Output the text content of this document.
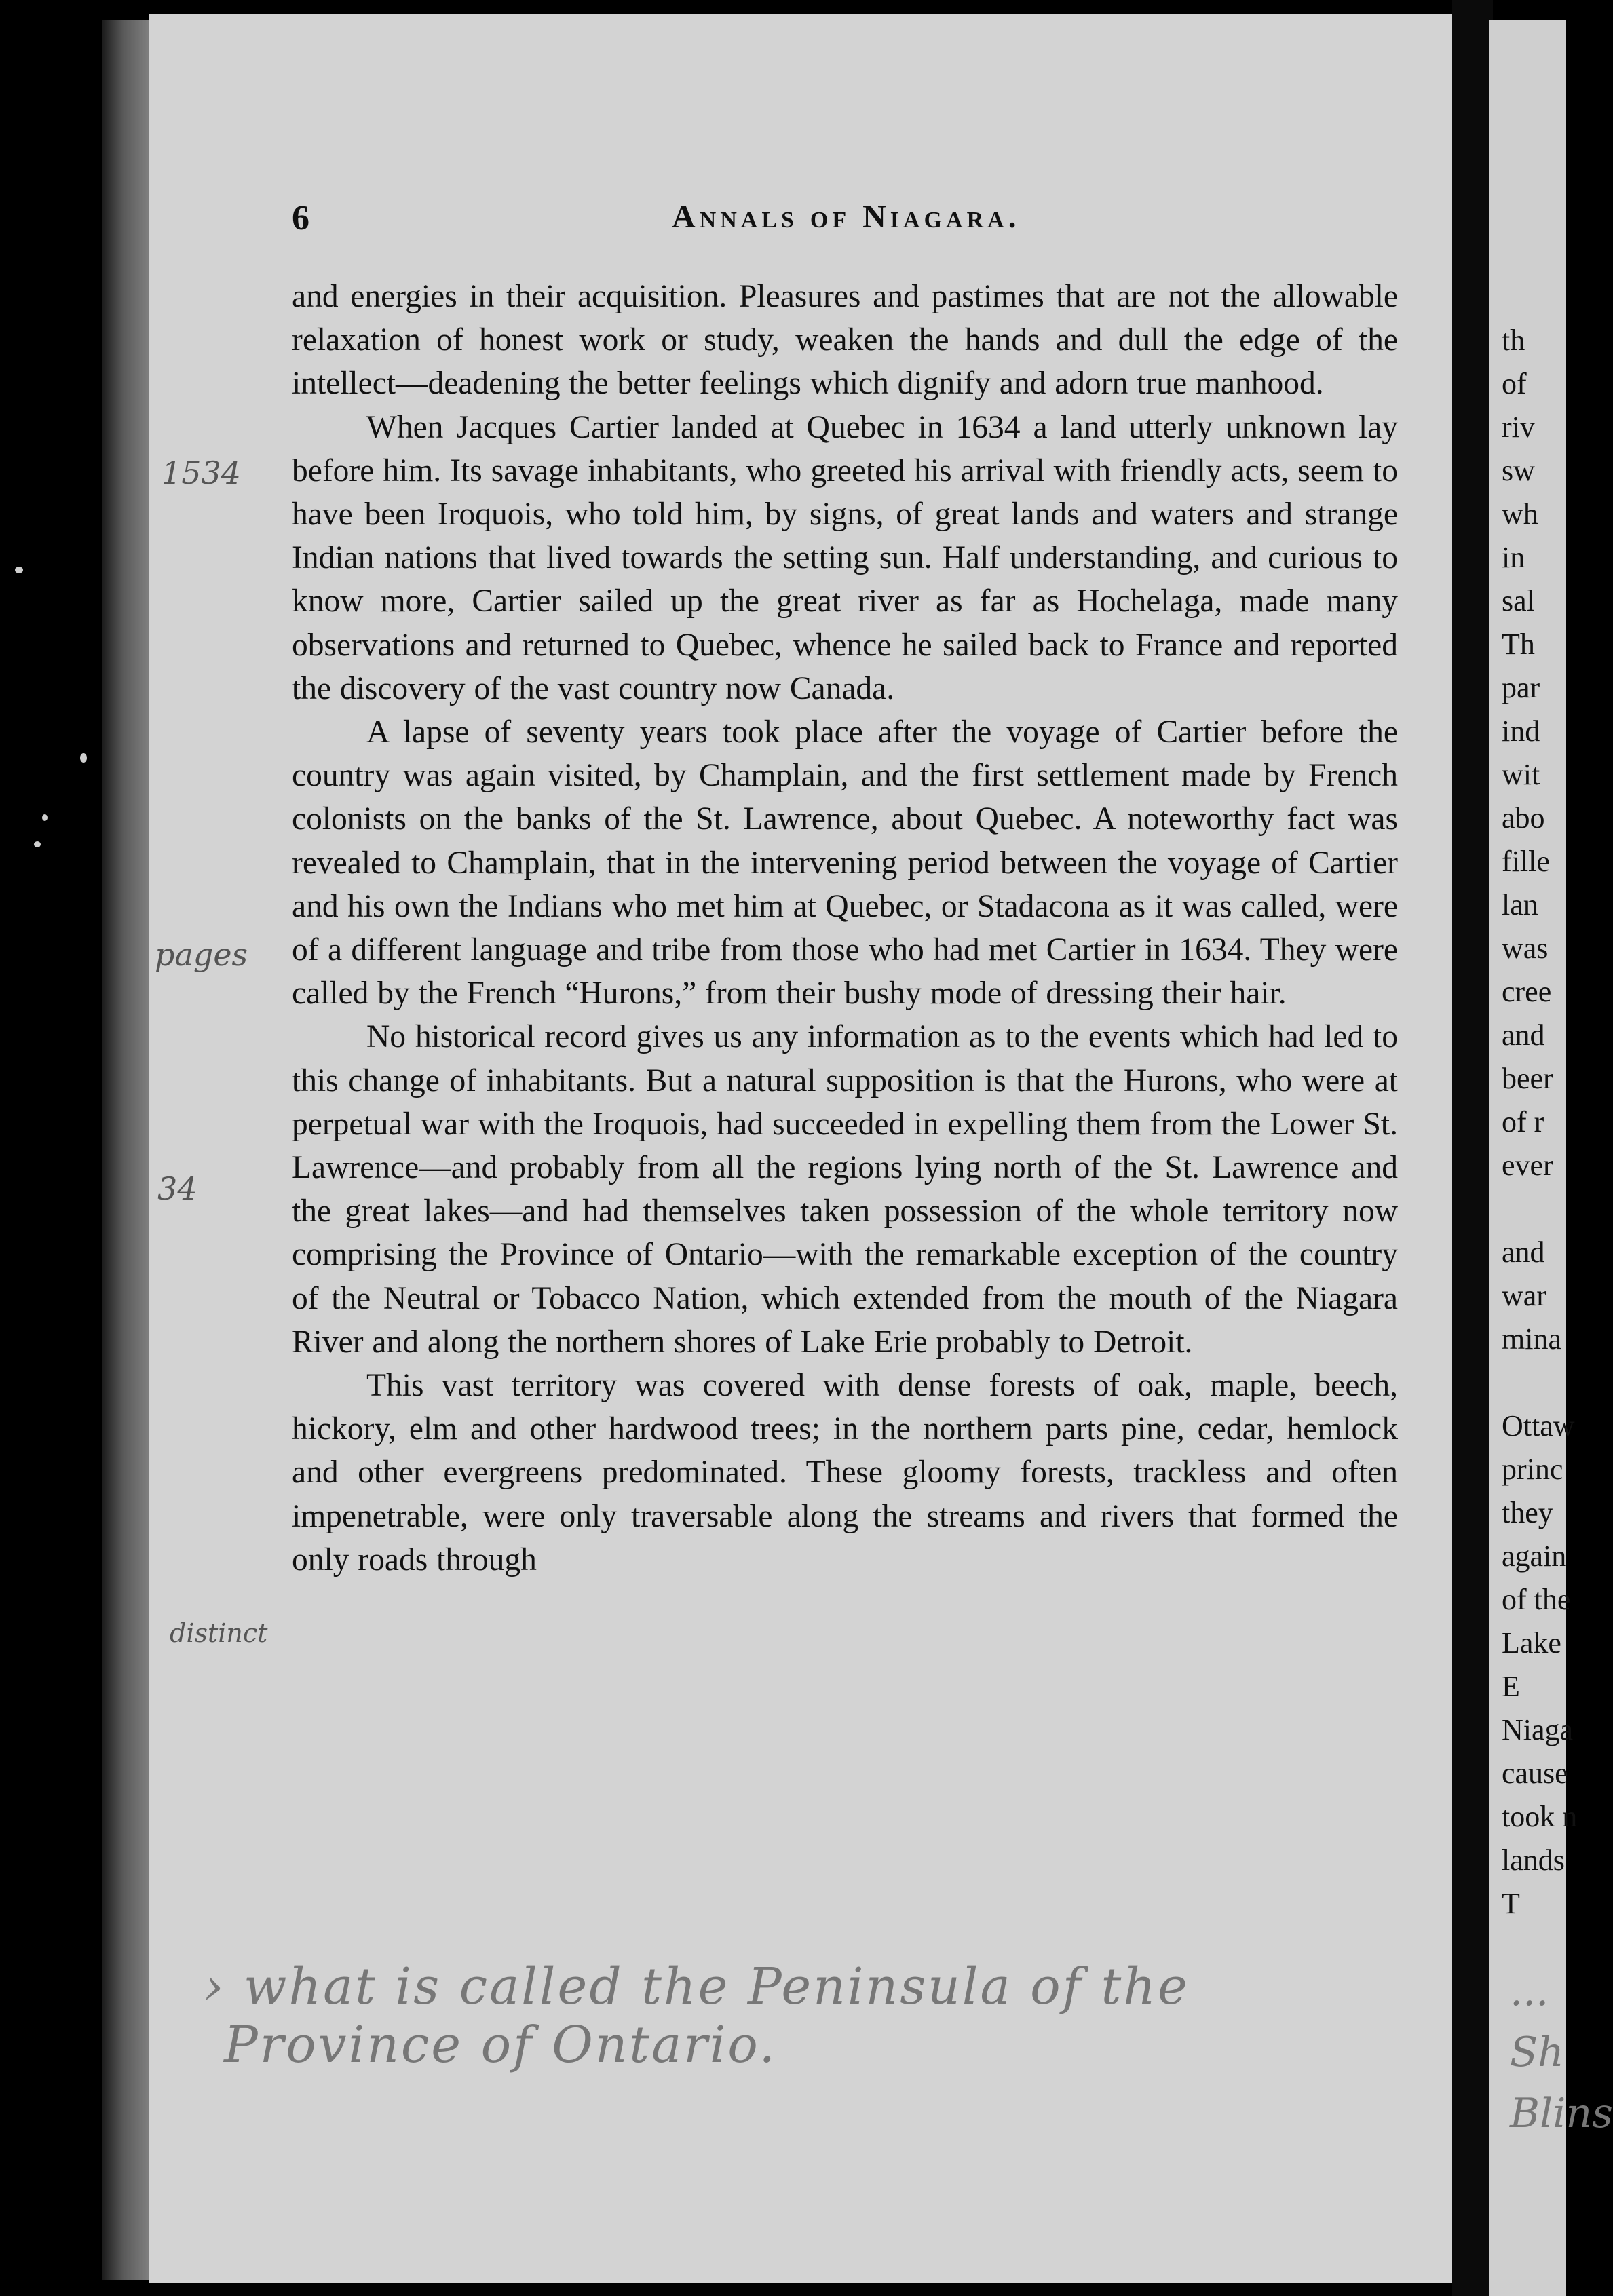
th
of
riv
sw
wh
in
sal
Th
par
ind
wit
abo
fille
lan
was
cree
and
beer
of r
ever

and
war
mina

Ottaw
princ
they
again
of the
Lake
E
Niaga
cause
took n
lands
T
...
Sh
Blins
6	Annals of Niagara.

and energies in their acquisition. Pleasures and pastimes that are not the allowable relaxation of honest work or study, weaken the hands and dull the edge of the intellect—deadening the better feelings which dignify and adorn true manhood.

When Jacques Cartier landed at Quebec in 1634 a land utterly unknown lay before him. Its savage inhabitants, who greeted his arrival with friendly acts, seem to have been Iroquois, who told him, by signs, of great lands and waters and strange Indian nations that lived towards the setting sun. Half understanding, and curious to know more, Cartier sailed up the great river as far as Hochelaga, made many observations and returned to Quebec, whence he sailed back to France and reported the discovery of the vast country now Canada.

A lapse of seventy years took place after the voyage of Cartier before the country was again visited, by Champlain, and the first settlement made by French colonists on the banks of the St. Lawrence, about Quebec. A noteworthy fact was revealed to Champlain, that in the intervening period between the voyage of Cartier and his own the Indians who met him at Quebec, or Stadacona as it was called, were of a different language and tribe from those who had met Cartier in 1634. They were called by the French “Hurons,” from their bushy mode of dressing their hair.

No historical record gives us any information as to the events which had led to this change of inhabitants. But a natural supposition is that the Hurons, who were at perpetual war with the Iroquois, had succeeded in expelling them from the Lower St. Lawrence—and probably from all the regions lying north of the St. Lawrence and the great lakes—and had themselves taken possession of the whole territory now comprising the Province of Ontario—with the remarkable exception of the country of the Neutral or Tobacco Nation, which extended from the mouth of the Niagara River and along the northern shores of Lake Erie probably to Detroit.

This vast territory was covered with dense forests of oak, maple, beech, hickory, elm and other hardwood trees; in the northern parts pine, cedar, hemlock and other evergreens predominated. These gloomy forests, trackless and often impenetrable, were only traversable along the streams and rivers that formed the only roads through

1534
pages
34
distinct
› what is called the Peninsula of the
Province of Ontario.
